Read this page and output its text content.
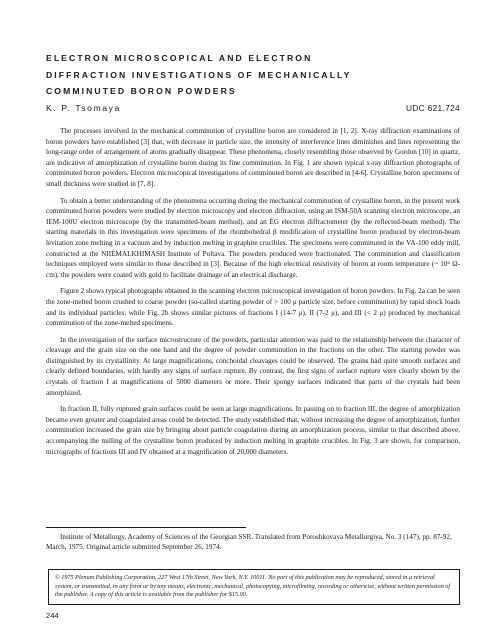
ELECTRON MICROSCOPICAL AND ELECTRON
DIFFRACTION INVESTIGATIONS OF MECHANICALLY
COMMINUTED BORON POWDERS
K. P. Tsomaya	UDC 621.724

The processes involved in the mechanical comminution of crystalline boron are considered in [1, 2]. X-ray diffraction examinations of boron powders have established [3] that, with decrease in particle size, the intensity of interference lines diminishes and lines representing the long-range order of arrangement of atoms gradually disappear. These phenomena, closely resembling those observed by Gordon [10] in quartz, are indicative of amorphization of crystalline boron during its fine comminution. In Fig. 1 are shown typical x-ray diffraction photographs of comminuted boron powders. Electron microscopical investigations of comminuted boron are described in [4-6]. Crystalline boron specimens of small thickness were studied in [7, 8].

To obtain a better understanding of the phenomena occurring during the mechanical comminution of crystalline boron, in the present work comminuted boron powders were studied by electron microscopy and electron diffraction, using an ISM-50A scanning electron microscope, an IEM-100U electron microscope (by the transmitted-beam method), and an ÉG electron diffractometer (by the reflected-beam method). The starting materials in this investigation were specimens of the rhombohedral β modification of crystalline boron produced by electron-beam levitation zone melting in a vacuum and by induction melting in graphite crucibles. The specimens were comminuted in the VA-100 eddy mill, constructed at the NIIÉMALKHIMASH Institute of Poltava. The powders produced were fractionated. The comminution and classification techniques employed were similar to those described in [3]. Because of the high electrical resistivity of boron at room temperature (~ 10⁶ Ω-cm), the powders were coated with gold to facilitate drainage of an electrical discharge.

Figure 2 shows typical photographs obtained in the scanning electron microscopical investigation of boron powders. In Fig. 2a can be seen the zone-melted boron crushed to coarse powder (so-called starting powder of > 100 μ particle size, before comminution) by rapid shock loads and its individual particles; while Fig. 2b shows similar pictures of fractions I (14-7 μ), II (7-2 μ), and III (< 2 μ) produced by mechanical comminution of the zone-melted specimens.

In the investigation of the surface microstructure of the powders, particular attention was paid to the relationship between the character of cleavage and the grain size on the one hand and the degree of powder comminution in the fractions on the other. The starting powder was distinguished by its crystallinity. At large magnifications, conchoidal cleavages could be observed. The grains had quite smooth surfaces and clearly defined boundaries, with hardly any signs of surface rupture. By contrast, the first signs of surface rupture were clearly shown by the crystals of fraction I at magnifications of 5000 diameters or more. Their spongy surfaces indicated that parts of the crystals had been amorphized.

In fraction II, fully ruptured grain surfaces could be seen at large magnifications. In passing on to fraction III, the degree of amorphization became even greater and coagulated areas could be detected. The study established that, without increasing the degree of amorphization, further comminution increased the grain size by bringing about particle coagulation during an amorphization process, similar to that described above, accompanying the milling of the crystalline boron produced by induction melting in graphite crucibles. In Fig. 3 are shown, for comparison, micrographs of fractions III and IV obtained at a magnification of 20,000 diameters.

Institute of Metallurgy, Academy of Sciences of the Georgian SSR. Translated from Poroshkovaya Metallurgiya, No. 3 (147), pp. 87-92, March, 1975. Original article submitted September 26, 1974.

© 1975 Plenum Publishing Corporation, 227 West 17th Street, New York, N.Y. 10011. No part of this publication may be reproduced, stored in a retrieval system, or transmitted, in any form or by any means, electronic, mechanical, photocopying, microfilming, recording or otherwise, without written permission of the publisher. A copy of this article is available from the publisher for $15.00.
244
